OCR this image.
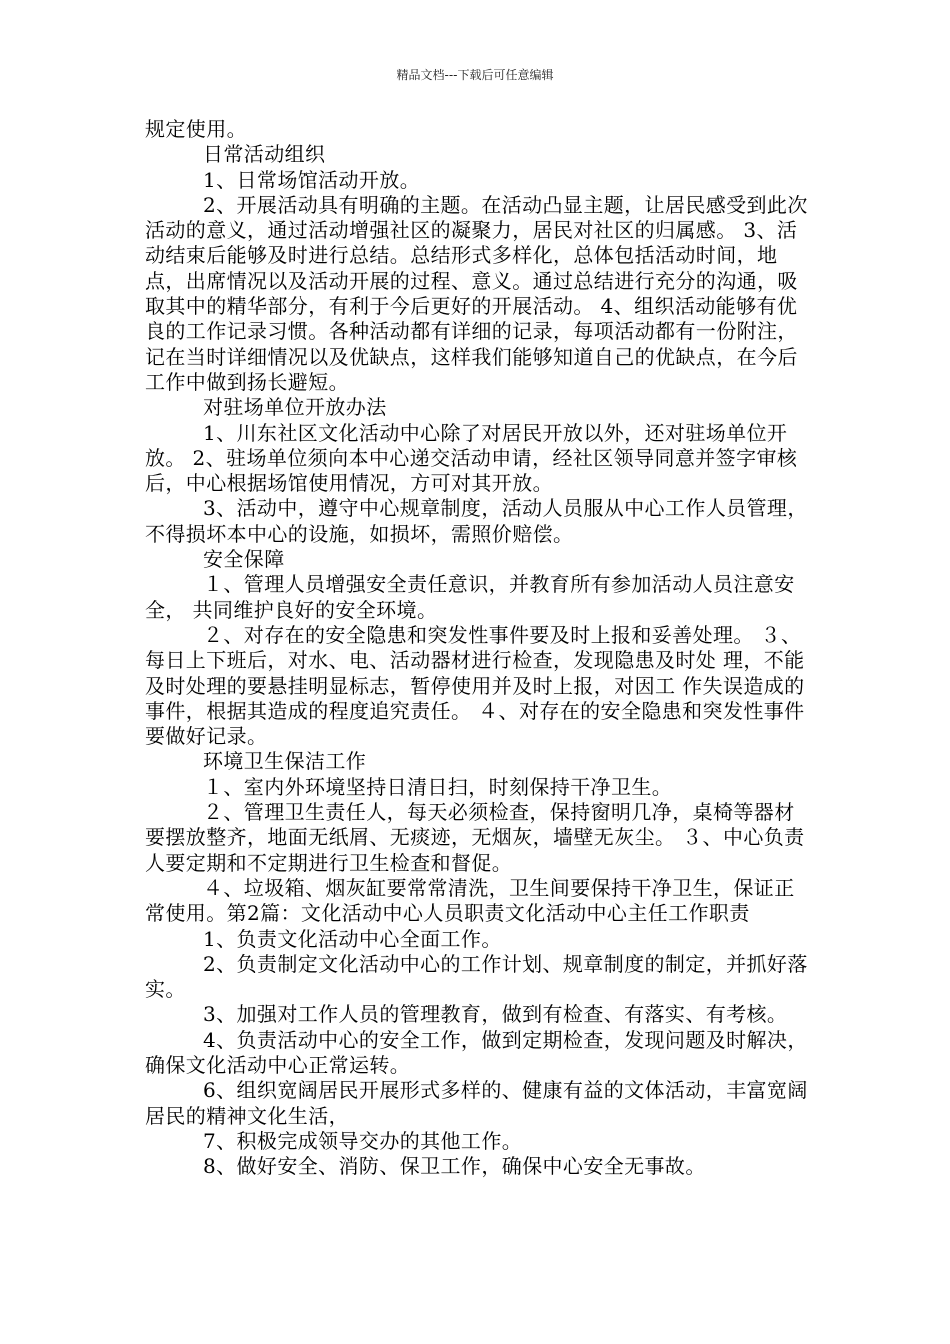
精品文档---下载后可任意编辑

规定使用。

日常活动组织

1、日常场馆活动开放。

2、开展活动具有明确的主题。在活动凸显主题，让居民感受到此次活动的意义，通过活动增强社区的凝聚力，居民对社区的归属感。 3、活动结束后能够及时进行总结。总结形式多样化，总体包括活动时间，地点，出席情况以及活动开展的过程、意义。通过总结进行充分的沟通，吸取其中的精华部分，有利于今后更好的开展活动。 4、组织活动能够有优良的工作记录习惯。各种活动都有详细的记录，每项活动都有一份附注，记在当时详细情况以及优缺点，这样我们能够知道自己的优缺点，在今后工作中做到扬长避短。

对驻场单位开放办法

1、川东社区文化活动中心除了对居民开放以外，还对驻场单位开放。 2、驻场单位须向本中心递交活动申请，经社区领导同意并签字审核后，中心根据场馆使用情况，方可对其开放。

3、活动中，遵守中心规章制度，活动人员服从中心工作人员管理，不得损坏本中心的设施，如损坏，需照价赔偿。

安全保障

１、管理人员增强安全责任意识，并教育所有参加活动人员注意安全， 共同维护良好的安全环境。

２、对存在的安全隐患和突发性事件要及时上报和妥善处理。 ３、每日上下班后，对水、电、活动器材进行检查，发现隐患及时处 理，不能及时处理的要悬挂明显标志，暂停使用并及时上报，对因工 作失误造成的事件，根据其造成的程度追究责任。 ４、对存在的安全隐患和突发性事件要做好记录。

环境卫生保洁工作

１、室内外环境坚持日清日扫，时刻保持干净卫生。

２、管理卫生责任人，每天必须检查，保持窗明几净，桌椅等器材要摆放整齐，地面无纸屑、无痰迹，无烟灰，墙壁无灰尘。 ３、中心负责人要定期和不定期进行卫生检查和督促。

４、垃圾箱、烟灰缸要常常清洗，卫生间要保持干净卫生，保证正常使用。第2篇：文化活动中心人员职责文化活动中心主任工作职责

1、负责文化活动中心全面工作。

2、负责制定文化活动中心的工作计划、规章制度的制定，并抓好落实。

3、加强对工作人员的管理教育，做到有检查、有落实、有考核。

4、负责活动中心的安全工作，做到定期检查，发现问题及时解决，确保文化活动中心正常运转。

6、组织宽阔居民开展形式多样的、健康有益的文体活动，丰富宽阔居民的精神文化生活，

7、积极完成领导交办的其他工作。

8、做好安全、消防、保卫工作，确保中心安全无事故。
